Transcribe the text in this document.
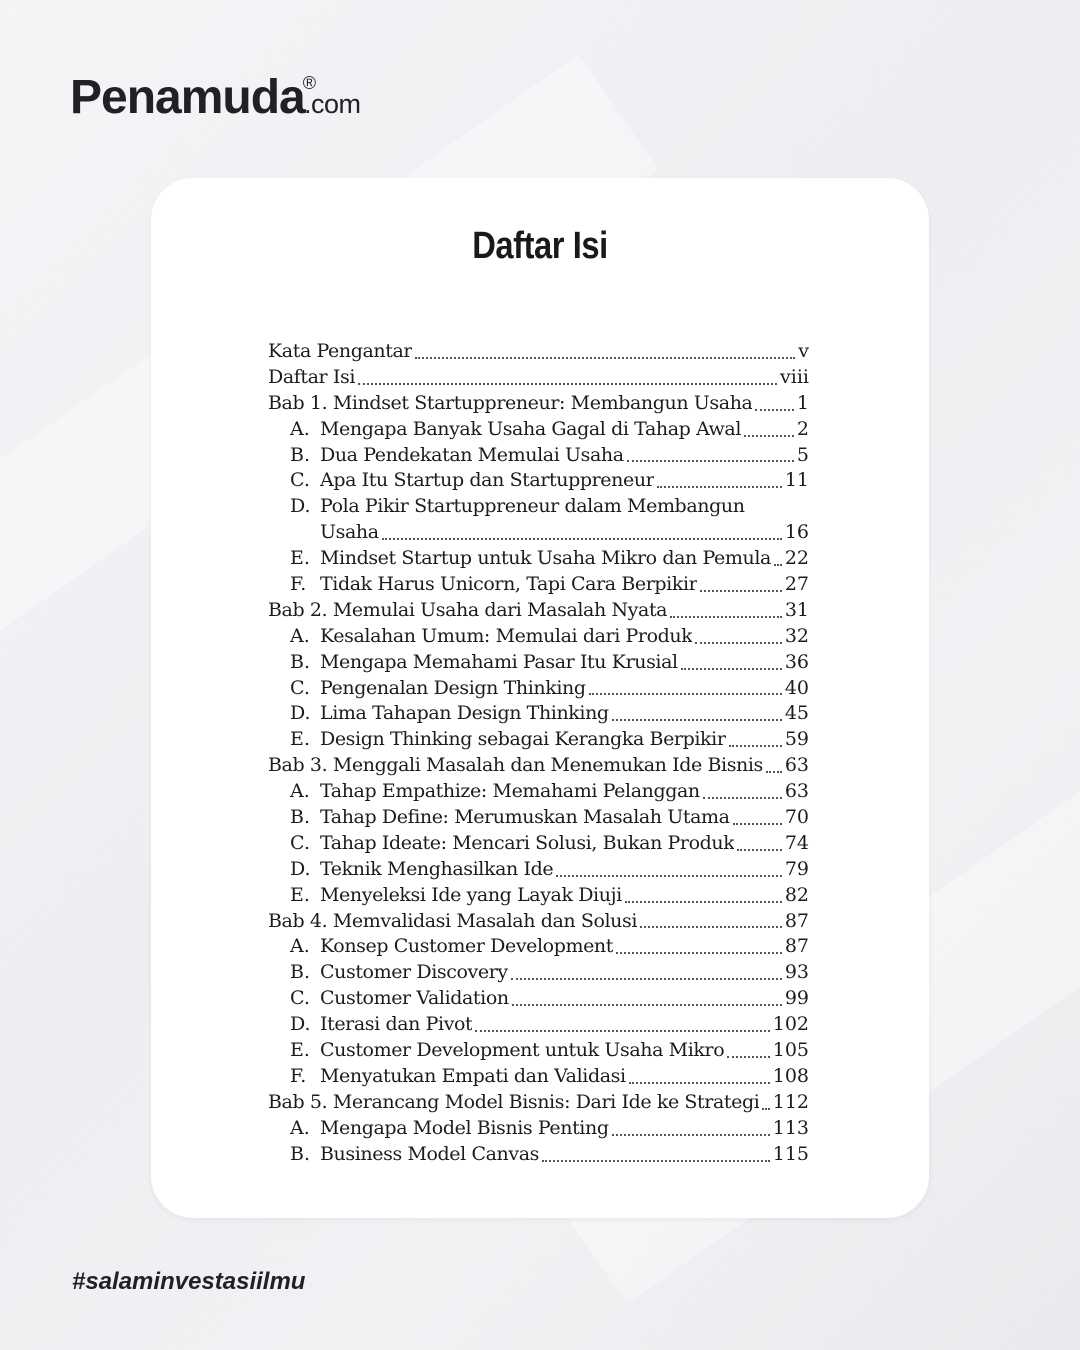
Penamuda®.com
Daftar Isi
Kata Pengantar	v
Daftar Isi	viii
Bab 1. Mindset Startuppreneur: Membangun Usaha 1
A. Mengapa Banyak Usaha Gagal di Tahap Awal	2
B. Dua Pendekatan Memulai Usaha	5
C. Apa Itu Startup dan Startuppreneur	11
D. Pola Pikir Startuppreneur dalam Membangun
Usaha	16
E. Mindset Startup untuk Usaha Mikro dan Pemula 22
F. Tidak Harus Unicorn, Tapi Cara Berpikir	27
Bab 2. Memulai Usaha dari Masalah Nyata	31
A. Kesalahan Umum: Memulai dari Produk	32
B. Mengapa Memahami Pasar Itu Krusial	36
C. Pengenalan Design Thinking	40
D. Lima Tahapan Design Thinking	45
E. Design Thinking sebagai Kerangka Berpikir	59
Bab 3. Menggali Masalah dan Menemukan Ide Bisnis 63
A. Tahap Empathize: Memahami Pelanggan	63
B. Tahap Define: Merumuskan Masalah Utama	70
C. Tahap Ideate: Mencari Solusi, Bukan Produk	74
D. Teknik Menghasilkan Ide	79
E. Menyeleksi Ide yang Layak Diuji	82
Bab 4. Memvalidasi Masalah dan Solusi	87
A. Konsep Customer Development	87
B. Customer Discovery	93
C. Customer Validation	99
D. Iterasi dan Pivot	102
E. Customer Development untuk Usaha Mikro	105
F. Menyatukan Empati dan Validasi	108
Bab 5. Merancang Model Bisnis: Dari Ide ke Strategi 112
A. Mengapa Model Bisnis Penting	113
B. Business Model Canvas	115
#salaminvestasiilmu
